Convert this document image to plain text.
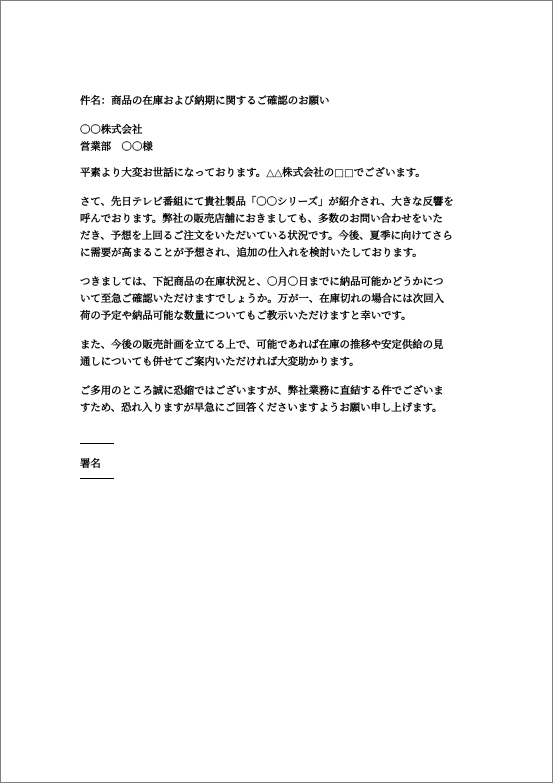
件名：商品の在庫および納期に関するご確認のお願い
〇〇株式会社
営業部　〇〇様
平素より大変お世話になっております。△△株式会社の□□でございます。
さて、先日テレビ番組にて貴社製品「〇〇シリーズ」が紹介され、大きな反響を
呼んでおります。弊社の販売店舗におきましても、多数のお問い合わせをいた
だき、予想を上回るご注文をいただいている状況です。今後、夏季に向けてさら
に需要が高まることが予想され、追加の仕入れを検討いたしております。
つきましては、下記商品の在庫状況と、〇月〇日までに納品可能かどうかにつ
いて至急ご確認いただけますでしょうか。万が一、在庫切れの場合には次回入
荷の予定や納品可能な数量についてもご教示いただけますと幸いです。
また、今後の販売計画を立てる上で、可能であれば在庫の推移や安定供給の見
通しについても併せてご案内いただければ大変助かります。
ご多用のところ誠に恐縮ではございますが、弊社業務に直結する件でございま
すため、恐れ入りますが早急にご回答くださいますようお願い申し上げます。
署名
